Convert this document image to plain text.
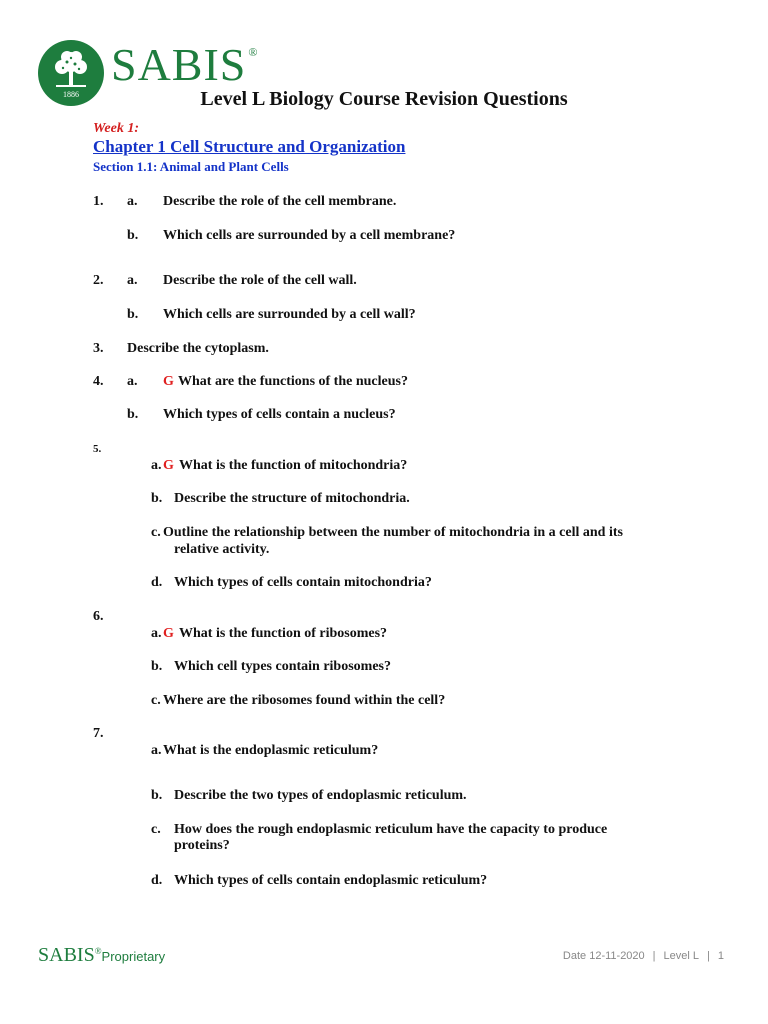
1886
SABIS ®
Level L Biology Course Revision Questions
Week 1:
Chapter 1 Cell Structure and Organization
Section 1.1: Animal and Plant Cells
1. a. Describe the role of the cell membrane.
b. Which cells are surrounded by a cell membrane?
2. a. Describe the role of the cell wall.
b. Which cells are surrounded by a cell wall?
3. Describe the cytoplasm.
4. a. G What are the functions of the nucleus?
b. Which types of cells contain a nucleus?
5.
a. G What is the function of mitochondria?
b. Describe the structure of mitochondria.
c. Outline the relationship between the number of mitochondria in a cell and its
relative activity.
d. Which types of cells contain mitochondria?
6.
a. G What is the function of ribosomes?
b. Which cell types contain ribosomes?
c. Where are the ribosomes found within the cell?
7.
a. What is the endoplasmic reticulum?
b. Describe the two types of endoplasmic reticulum.
c. How does the rough endoplasmic reticulum have the capacity to produce
proteins?
d. Which types of cells contain endoplasmic reticulum?
SABIS®Proprietary	Date 12-11-2020 | Level L | 1
